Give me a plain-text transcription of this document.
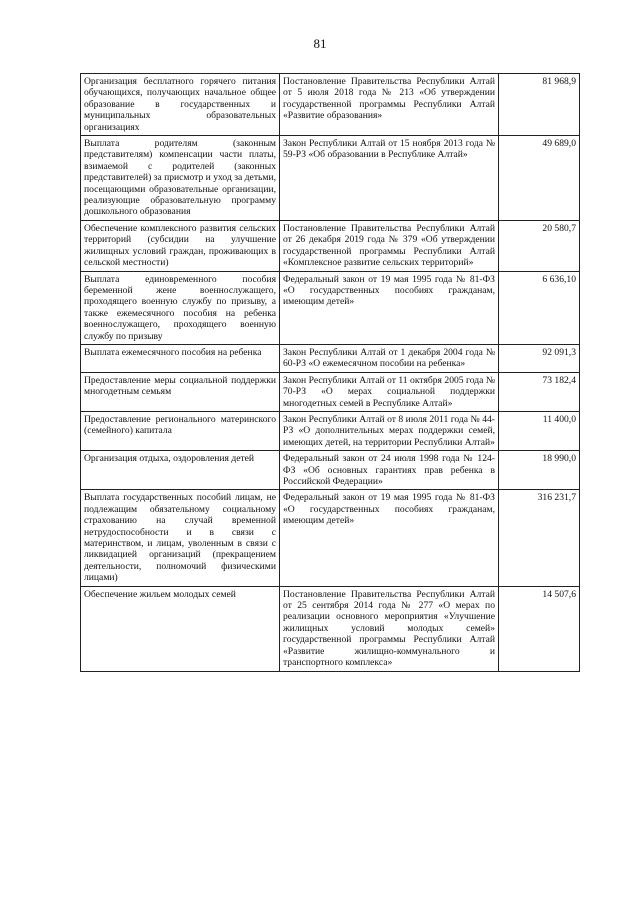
81
Организация бесплатного горячего питания обучающихся, получающих начальное общее образование в государственных и муниципальных образовательных организациях	Постановление Правительства Республики Алтай от 5 июля 2018 года № 213 «Об утверждении государственной программы Республики Алтай «Развитие образования»	81 968,9
Выплата родителям (законным представителям) компенсации части платы, взимаемой с родителей (законных представителей) за присмотр и уход за детьми, посещающими образовательные организации, реализующие образовательную программу дошкольного образования	Закон Республики Алтай от 15 ноября 2013 года № 59-РЗ «Об образовании в Республике Алтай»	49 689,0
Обеспечение комплексного развития сельских территорий (субсидии на улучшение жилищных условий граждан, проживающих в сельской местности)	Постановление Правительства Республики Алтай от 26 декабря 2019 года № 379 «Об утверждении государственной программы Республики Алтай «Комплексное развитие сельских территорий»	20 580,7
Выплата единовременного пособия беременной жене военнослужащего, проходящего военную службу по призыву, а также ежемесячного пособия на ребенка военнослужащего, проходящего военную службу по призыву	Федеральный закон от 19 мая 1995 года № 81-ФЗ «О государственных пособиях гражданам, имеющим детей»	6 636,10
Выплата ежемесячного пособия на ребенка	Закон Республики Алтай от 1 декабря 2004 года № 60-РЗ «О ежемесячном пособии на ребенка»	92 091,3
Предоставление меры социальной поддержки многодетным семьям	Закон Республики Алтай от 11 октября 2005 года № 70-РЗ «О мерах социальной поддержки многодетных семей в Республике Алтай»	73 182,4
Предоставление регионального материнского (семейного) капитала	Закон Республики Алтай от 8 июля 2011 года № 44-РЗ «О дополнительных мерах поддержки семей, имеющих детей, на территории Республики Алтай»	11 400,0
Организация отдыха, оздоровления детей	Федеральный закон от 24 июля 1998 года № 124-ФЗ «Об основных гарантиях прав ребенка в Российской Федерации»	18 990,0
Выплата государственных пособий лицам, не подлежащим обязательному социальному страхованию на случай временной нетрудоспособности и в связи с материнством, и лицам, уволенным в связи с ликвидацией организаций (прекращением деятельности, полномочий физическими лицами)	Федеральный закон от 19 мая 1995 года № 81-ФЗ «О государственных пособиях гражданам, имеющим детей»	316 231,7
Обеспечение жильем молодых семей	Постановление Правительства Республики Алтай от 25 сентября 2014 года № 277 «О мерах по реализации основного мероприятия «Улучшение жилищных условий молодых семей» государственной программы Республики Алтай «Развитие жилищно-коммунального и транспортного комплекса»	14 507,6
